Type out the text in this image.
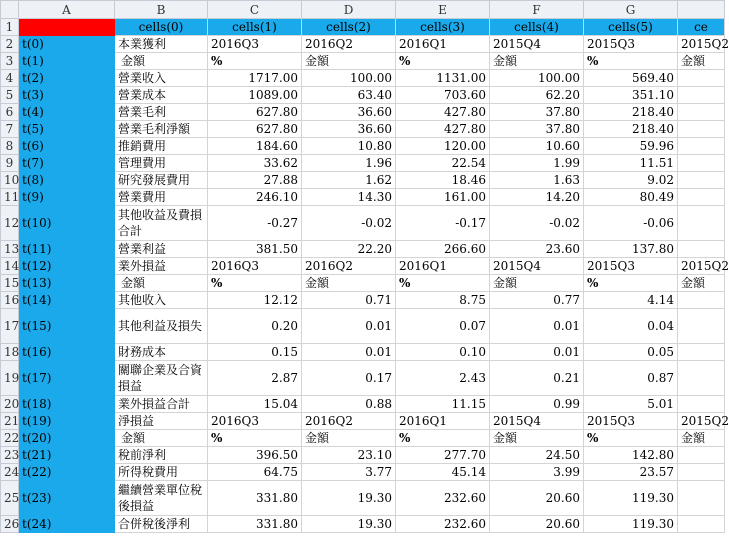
	A	B	C	D	E	F	G	
1		cells(0)	cells(1)	cells(2)	cells(3)	cells(4)	cells(5)	ce
2	t(0)	本業獲利	2016Q3	2016Q2	2016Q1	2015Q4	2015Q3	2015Q2
3	t(1)	金額	%	金額	%	金額	%	金額
4	t(2)	營業收入	1717.00	100.00	1131.00	100.00	569.40	
5	t(3)	營業成本	1089.00	63.40	703.60	62.20	351.10	
6	t(4)	營業毛利	627.80	36.60	427.80	37.80	218.40	
7	t(5)	營業毛利淨額	627.80	36.60	427.80	37.80	218.40	
8	t(6)	推銷費用	184.60	10.80	120.00	10.60	59.96	
9	t(7)	管理費用	33.62	1.96	22.54	1.99	11.51	
10	t(8)	研究發展費用	27.88	1.62	18.46	1.63	9.02	
11	t(9)	營業費用	246.10	14.30	161.00	14.20	80.49	
12	t(10)	其他收益及費損合計	-0.27	-0.02	-0.17	-0.02	-0.06	
13	t(11)	營業利益	381.50	22.20	266.60	23.60	137.80	
14	t(12)	業外損益	2016Q3	2016Q2	2016Q1	2015Q4	2015Q3	2015Q2
15	t(13)	金額	%	金額	%	金額	%	金額
16	t(14)	其他收入	12.12	0.71	8.75	0.77	4.14	
17	t(15)	其他利益及損失	0.20	0.01	0.07	0.01	0.04	
18	t(16)	財務成本	0.15	0.01	0.10	0.01	0.05	
19	t(17)	關聯企業及合資損益	2.87	0.17	2.43	0.21	0.87	
20	t(18)	業外損益合計	15.04	0.88	11.15	0.99	5.01	
21	t(19)	淨損益	2016Q3	2016Q2	2016Q1	2015Q4	2015Q3	2015Q2
22	t(20)	金額	%	金額	%	金額	%	金額
23	t(21)	稅前淨利	396.50	23.10	277.70	24.50	142.80	
24	t(22)	所得稅費用	64.75	3.77	45.14	3.99	23.57	
25	t(23)	繼續營業單位稅後損益	331.80	19.30	232.60	20.60	119.30	
26	t(24)	合併稅後淨利	331.80	19.30	232.60	20.60	119.30	
